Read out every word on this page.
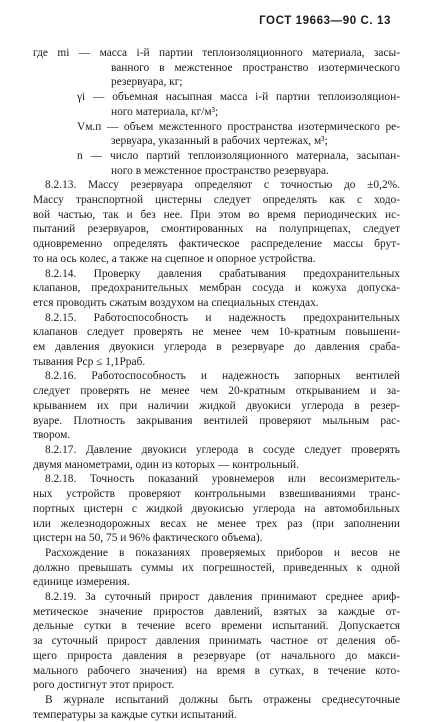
ГОСТ 19663—90 С. 13
где mi — масса i-й партии теплоизоляционного материала, засы-
ванного в межстенное пространство изотермического
резервуара, кг;
γi — объемная насыпная масса i-й партии теплоизоляцион-
ного материала, кг/м³;
Vм.п — объем межстенного пространства изотермического ре-
зервуара, указанный в рабочих чертежах, м³;
n — число партий теплоизоляционного материала, засыпан-
ного в межстенное пространство резервуара.
8.2.13. Массу резервуара определяют с точностью до ±0,2%.
Массу транспортной цистерны следует определять как с ходо-
вой частью, так и без нее. При этом во время периодических ис-
пытаний резервуаров, смонтированных на полуприцепах, следует
одновременно определять фактическое распределение массы брут-
то на ось колес, а также на сцепное и опорное устройства.
8.2.14. Проверку давления срабатывания предохранительных
клапанов, предохранительных мембран сосуда и кожуха допуска-
ется проводить сжатым воздухом на специальных стендах.
8.2.15. Работоспособность и надежность предохранительных
клапанов следует проверять не менее чем 10-кратным повышени-
ем давления двуокиси углерода в резервуаре до давления сраба-
тывания Pср ≤ 1,1Pраб.
8.2.16. Работоспособность и надежность запорных вентилей
следует проверять не менее чем 20-кратным открыванием и за-
крыванием их при наличии жидкой двуокиси углерода в резер-
вуаре. Плотность закрывания вентилей проверяют мыльным рас-
твором.
8.2.17. Давление двуокиси углерода в сосуде следует проверять
двумя манометрами, один из которых — контрольный.
8.2.18. Точность показаний уровнемеров или весоизмеритель-
ных устройств проверяют контрольными взвешиваниями транс-
портных цистерн с жидкой двуокисью углерода на автомобильных
или железнодорожных весах не менее трех раз (при заполнении
цистерн на 50, 75 и 96% фактического объема).
Расхождение в показаниях проверяемых приборов и весов не
должно превышать суммы их погрешностей, приведенных к одной
единице измерения.
8.2.19. За суточный прирост давления принимают среднее ариф-
метическое значение приростов давлений, взятых за каждые от-
дельные сутки в течение всего времени испытаний. Допускается
за суточный прирост давления принимать частное от деления об-
щего прироста давления в резервуаре (от начального до макси-
мального рабочего значения) на время в сутках, в течение кото-
рого достигнут этот прирост.
В журнале испытаний должны быть отражены среднесуточные
температуры за каждые сутки испытаний.
